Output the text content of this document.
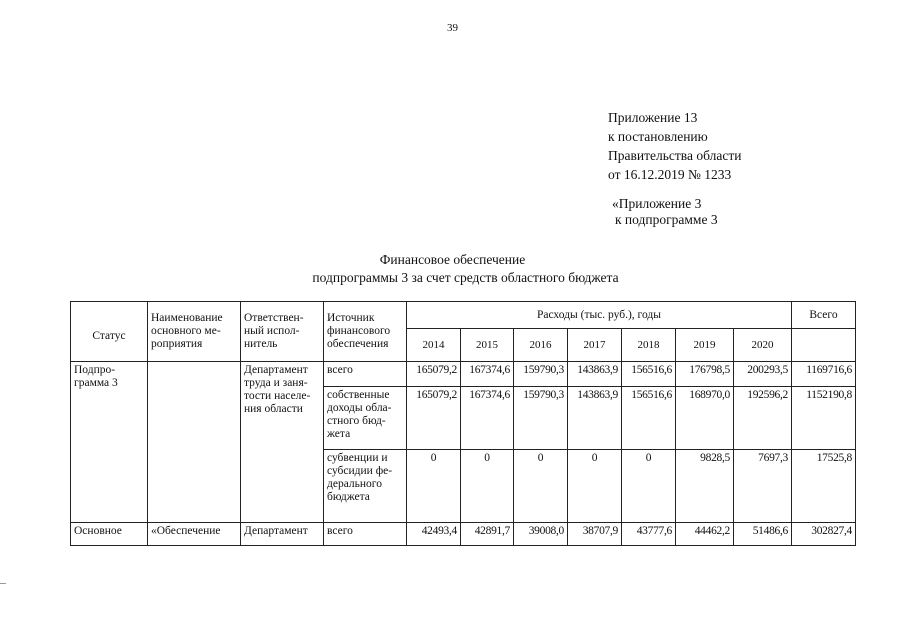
39
Приложение 13
к постановлению
Правительства области
от 16.12.2019 № 1233
«Приложение 3
к подпрограмме 3
Финансовое обеспечение
подпрограммы 3 за счет средств областного бюджета
Статус	Наименование основного ме-роприятия	Ответствен-ный испол-нитель	Источник финансового обеспечения	Расходы (тыс. руб.), годы							Всего
				2014	2015	2016	2017	2018	2019	2020	
Подпро-грамма 3		Департамент труда и заня-тости населе-ния области	всего	165079,2	167374,6	159790,3	143863,9	156516,6	176798,5	200293,5	1169716,6
			собственные доходы обла-стного бюд-жета	165079,2	167374,6	159790,3	143863,9	156516,6	168970,0	192596,2	1152190,8
			субвенции и субсидии фе-дерального бюджета	0	0	0	0	0	9828,5	7697,3	17525,8
Основное	«Обеспечение	Департамент	всего	42493,4	42891,7	39008,0	38707,9	43777,6	44462,2	51486,6	302827,4
